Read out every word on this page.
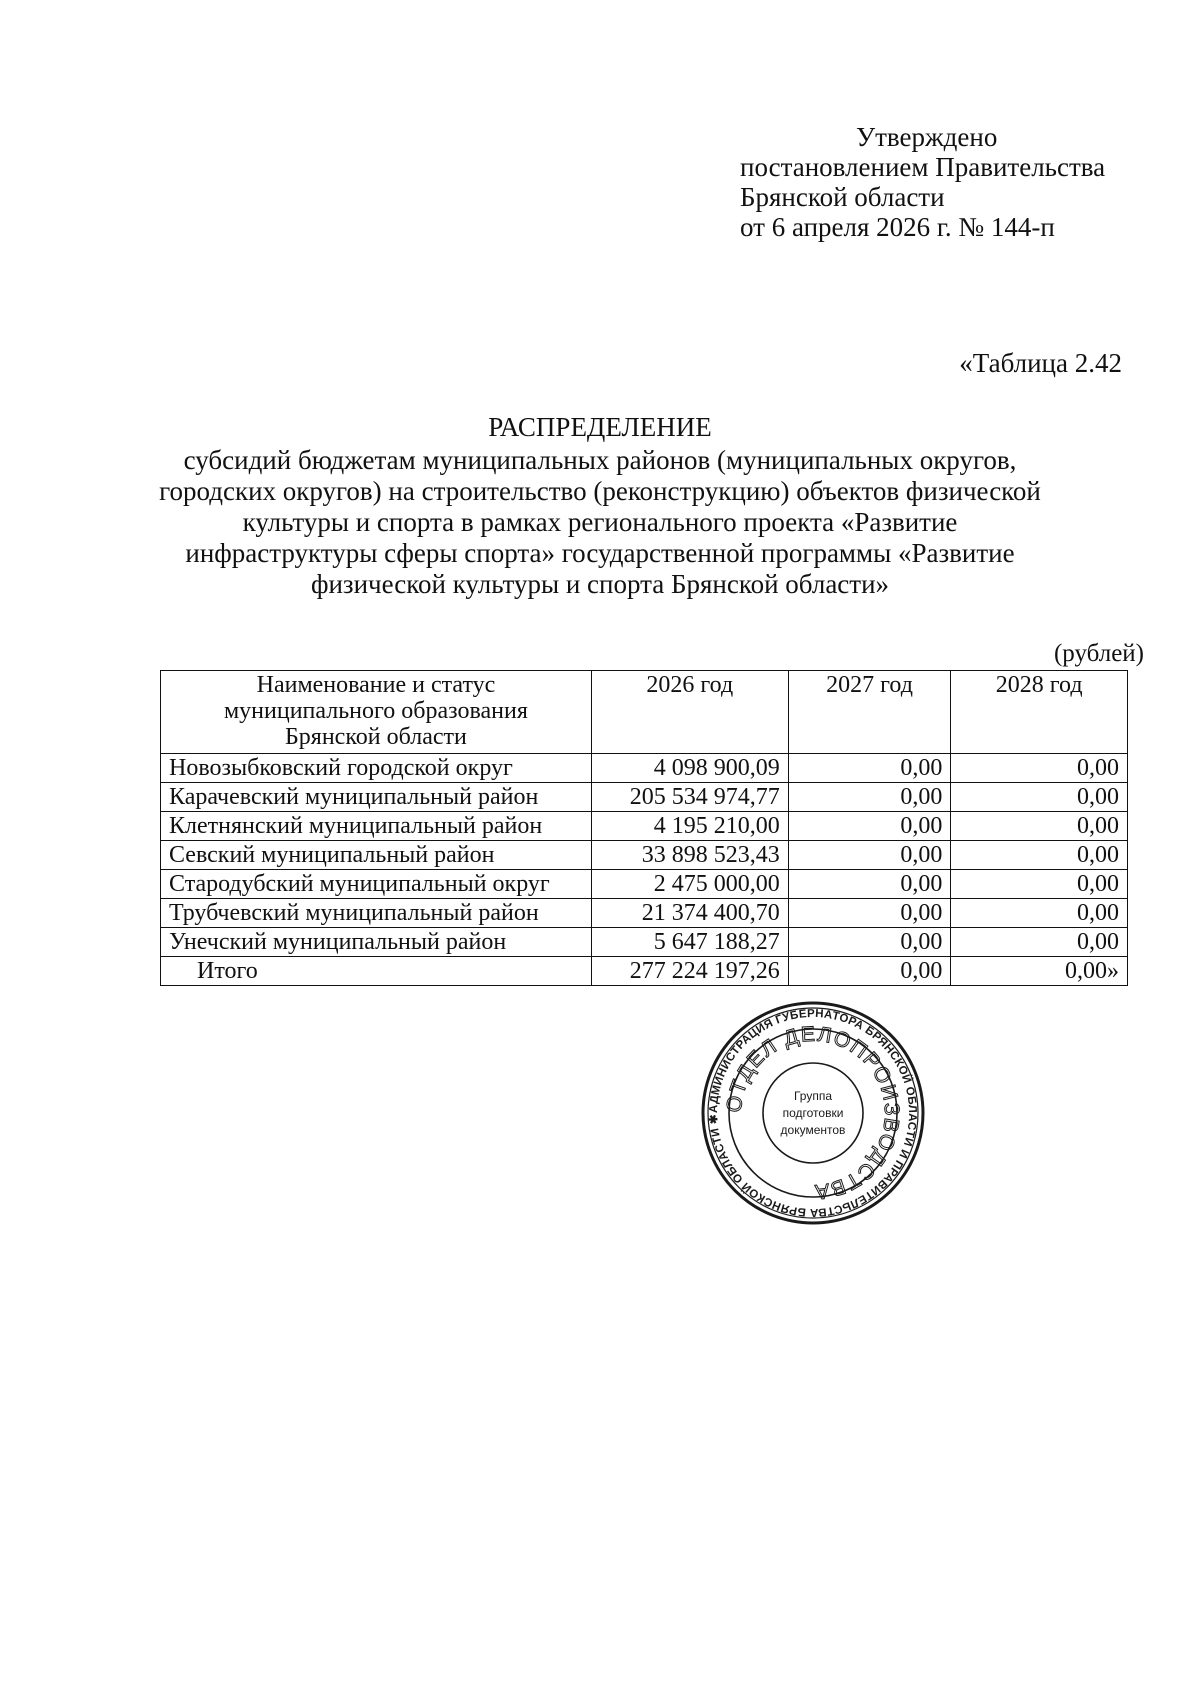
Утверждено
постановлением Правительства
Брянской области
от 6 апреля 2026 г. № 144-п
«Таблица 2.42
РАСПРЕДЕЛЕНИЕ
субсидий бюджетам муниципальных районов (муниципальных округов,
городских округов) на строительство (реконструкцию) объектов физической
культуры и спорта в рамках регионального проекта «Развитие
инфраструктуры сферы спорта» государственной программы «Развитие
физической культуры и спорта Брянской области»
(рублей)
Наименование и статус
муниципального образования
Брянской области	2026 год	2027 год	2028 год
Новозыбковский городской округ	4 098 900,09	0,00	0,00
Карачевский муниципальный район	205 534 974,77	0,00	0,00
Клетнянский муниципальный район	4 195 210,00	0,00	0,00
Севский муниципальный район	33 898 523,43	0,00	0,00
Стародубский муниципальный округ	2 475 000,00	0,00	0,00
Трубчевский муниципальный район	21 374 400,70	0,00	0,00
Унечский муниципальный район	5 647 188,27	0,00	0,00
Итого	277 224 197,26	0,00	0,00»
АДМИНИСТРАЦИЯ ГУБЕРНАТОРА БРЯНСКОЙ ОБЛАСТИ И ПРАВИТЕЛЬСТВА БРЯНСКОЙ ОБЛАСТИ ✱
ОТДЕЛ ДЕЛОПРОИЗВОДСТВА
Группа
подготовки
документов
